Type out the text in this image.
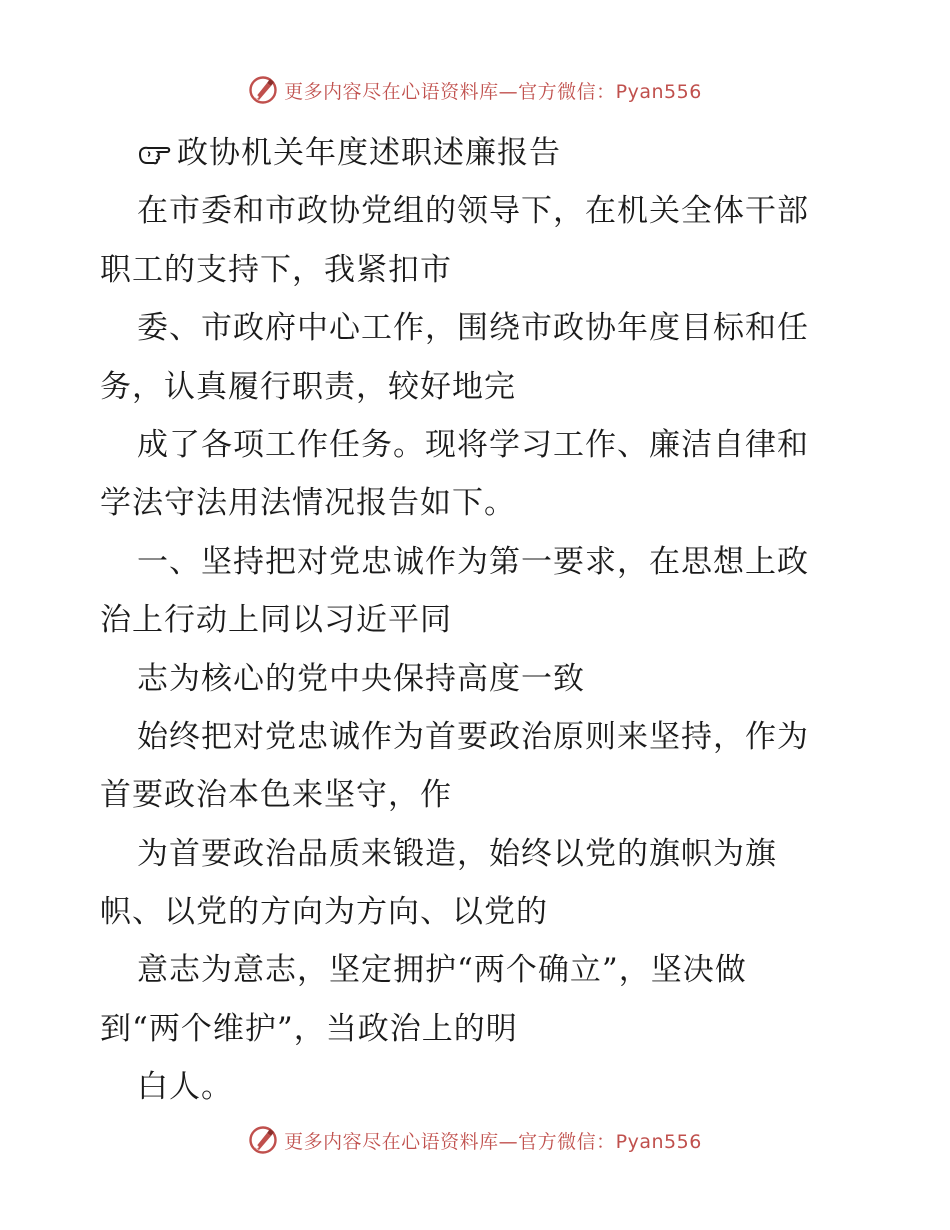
更多内容尽在心语资料库 —官方微信：Pyan556
政协机关年度述职述廉报告
在市委和市政协党组的领导下，在机关全体干部
职工的支持下，我紧扣市
委、市政府中心工作，围绕市政协年度目标和任
务，认真履行职责，较好地完
成了各项工作任务。现将学习工作、廉洁自律和
学法守法用法情况报告如下。
一、坚持把对党忠诚作为第一要求，在思想上政
治上行动上同以习近平同
志为核心的党中央保持高度一致
始终把对党忠诚作为首要政治原则来坚持，作为
首要政治本色来坚守，作
为首要政治品质来锻造，始终以党的旗帜为旗
帜、以党的方向为方向、以党的
意志为意志，坚定拥护“两个确立”，坚决做
到“两个维护”，当政治上的明
白人。
更多内容尽在心语资料库 —官方微信：Pyan556
